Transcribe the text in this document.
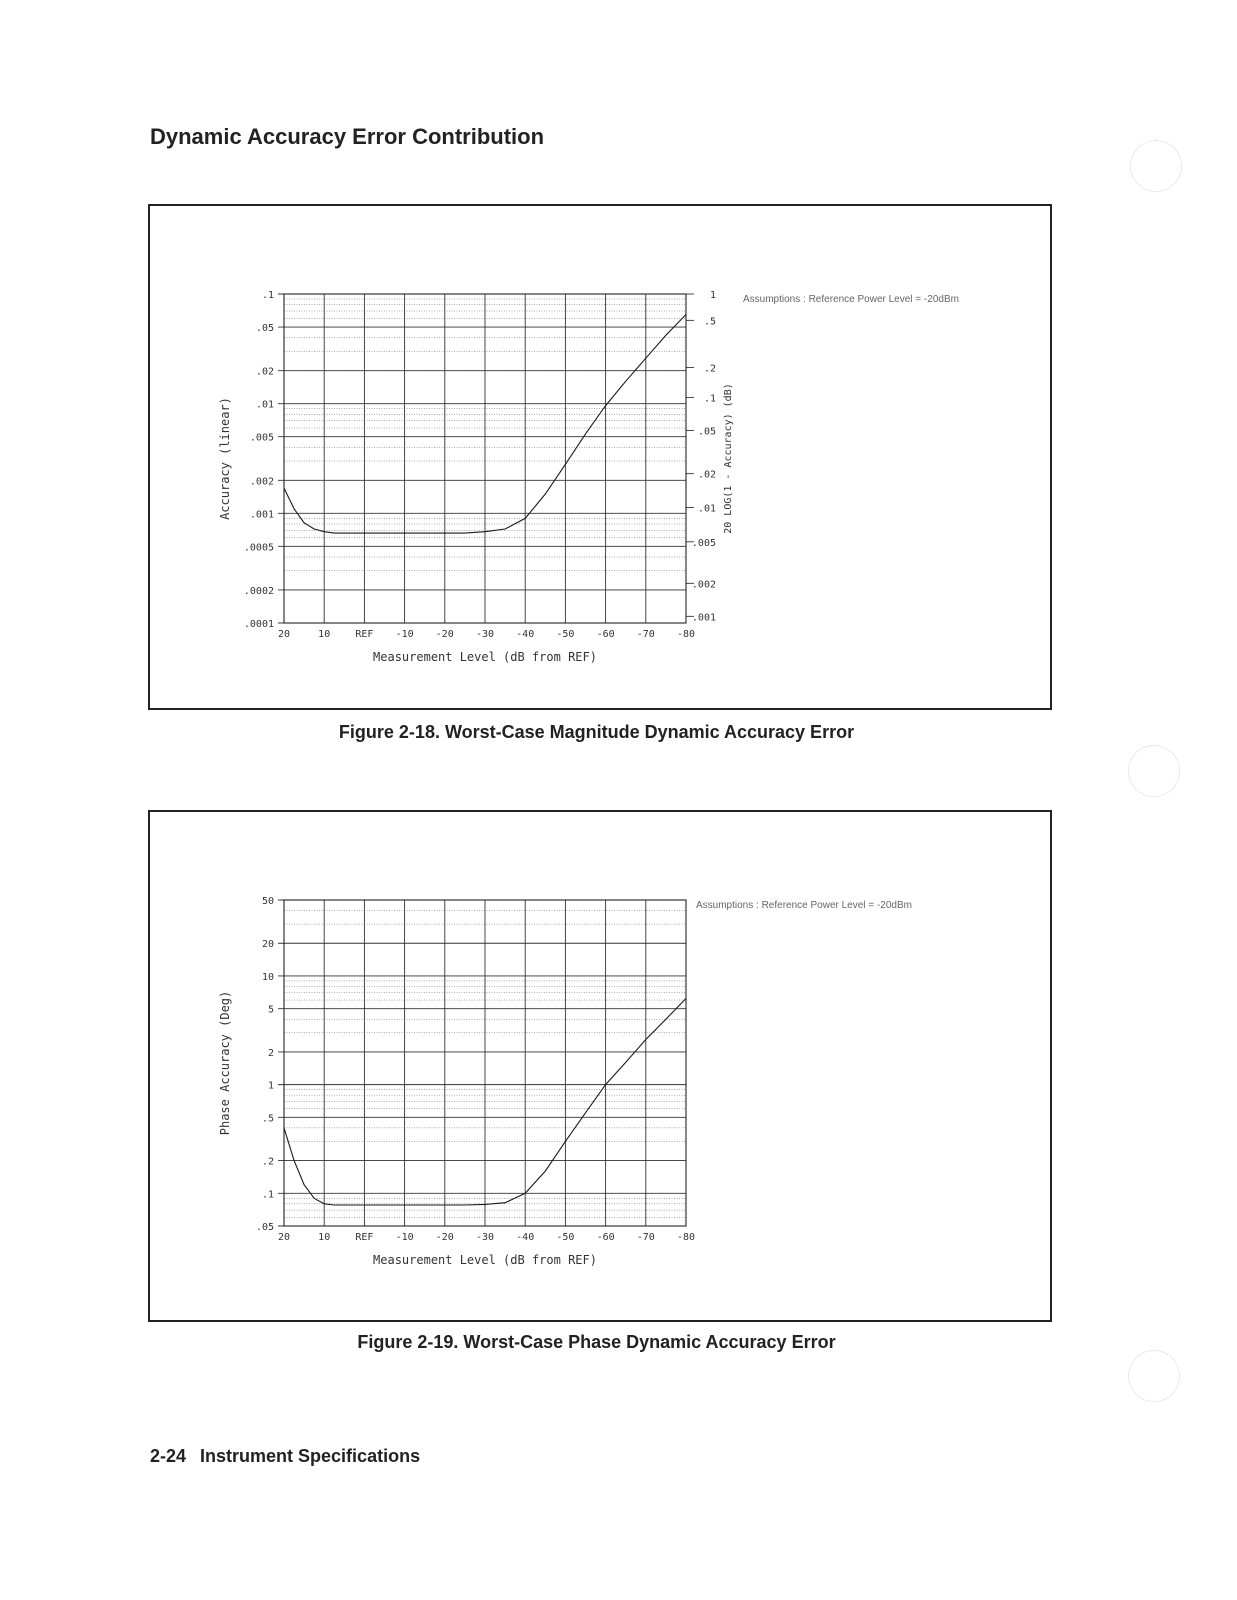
Dynamic Accuracy Error Contribution
.1
.05
.02
.01
.005
.002
.001
.0005
.0002
.0001
20	10	REF -10 -20 -30 -40 -50 -60 -70 -80
1
.5
.2
.1
.05
.02
.01
.005
.002
.001
20 LOG(1 - Accuracy) (dB)
Measurement Level (dB from REF)
Accuracy (linear)
Assumptions : Reference Power Level = -20dBm
Figure 2-18. Worst-Case Magnitude Dynamic Accuracy Error
50
20
10
5
2
1
.5
.2
.1
.05
20	10	REF -10 -20 -30 -40 -50 -60 -70 -80
Measurement Level (dB from REF)
Phase Accuracy (Deg)
Assumptions : Reference Power Level = -20dBm
Figure 2-19. Worst-Case Phase Dynamic Accuracy Error
2-24 Instrument Specifications
